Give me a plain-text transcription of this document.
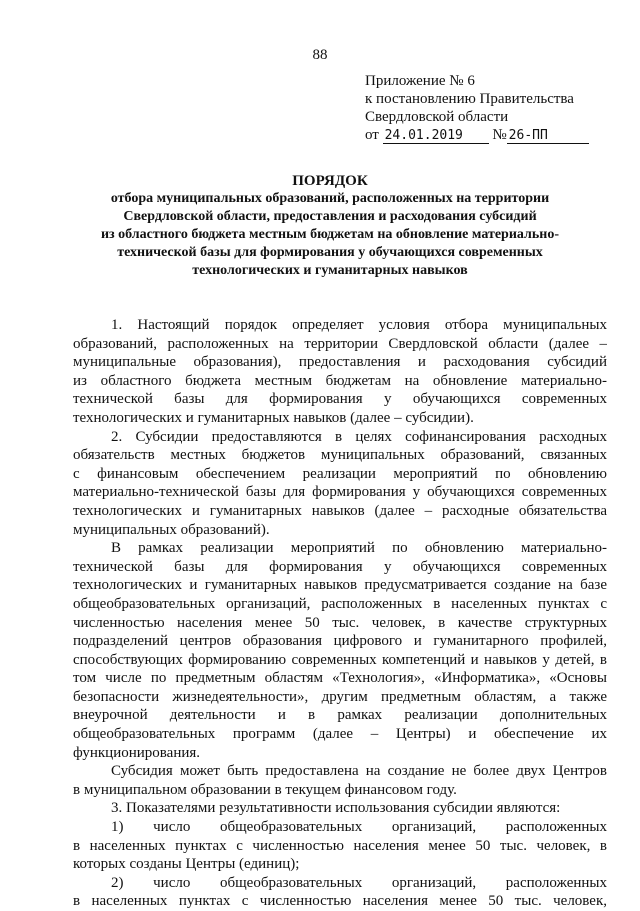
88
Приложение № 6
к постановлению Правительства
Свердловской области
от 24.01.2019 № 26-ПП
ПОРЯДОК
отбора муниципальных образований, расположенных на территории
Свердловской области, предоставления и расходования субсидий
из областного бюджета местным бюджетам на обновление материально-
технической базы для формирования у обучающихся современных
технологических и гуманитарных навыков
1. Настоящий порядок определяет условия отбора муниципальных
образований, расположенных на территории Свердловской области (далее –
муниципальные образования), предоставления и расходования субсидий
из областного бюджета местным бюджетам на обновление материально-
технической базы для формирования у обучающихся современных
технологических и гуманитарных навыков (далее – субсидии).
2. Субсидии предоставляются в целях софинансирования расходных
обязательств местных бюджетов муниципальных образований, связанных
с финансовым обеспечением реализации мероприятий по обновлению
материально-технической базы для формирования у обучающихся современных
технологических и гуманитарных навыков (далее – расходные обязательства
муниципальных образований).
В рамках реализации мероприятий по обновлению материально-
технической базы для формирования у обучающихся современных
технологических и гуманитарных навыков предусматривается создание на базе
общеобразовательных организаций, расположенных в населенных пунктах с
численностью населения менее 50 тыс. человек, в качестве структурных
подразделений центров образования цифрового и гуманитарного профилей,
способствующих формированию современных компетенций и навыков у детей, в
том числе по предметным областям «Технология», «Информатика», «Основы
безопасности жизнедеятельности», другим предметным областям, а также
внеурочной деятельности и в рамках реализации дополнительных
общеобразовательных программ (далее – Центры) и обеспечение их
функционирования.
Субсидия может быть предоставлена на создание не более двух Центров
в муниципальном образовании в текущем финансовом году.
3. Показателями результативности использования субсидии являются:
1) число общеобразовательных организаций, расположенных
в населенных пунктах с численностью населения менее 50 тыс. человек, в
которых созданы Центры (единиц);
2) число общеобразовательных организаций, расположенных
в населенных пунктах с численностью населения менее 50 тыс. человек,
